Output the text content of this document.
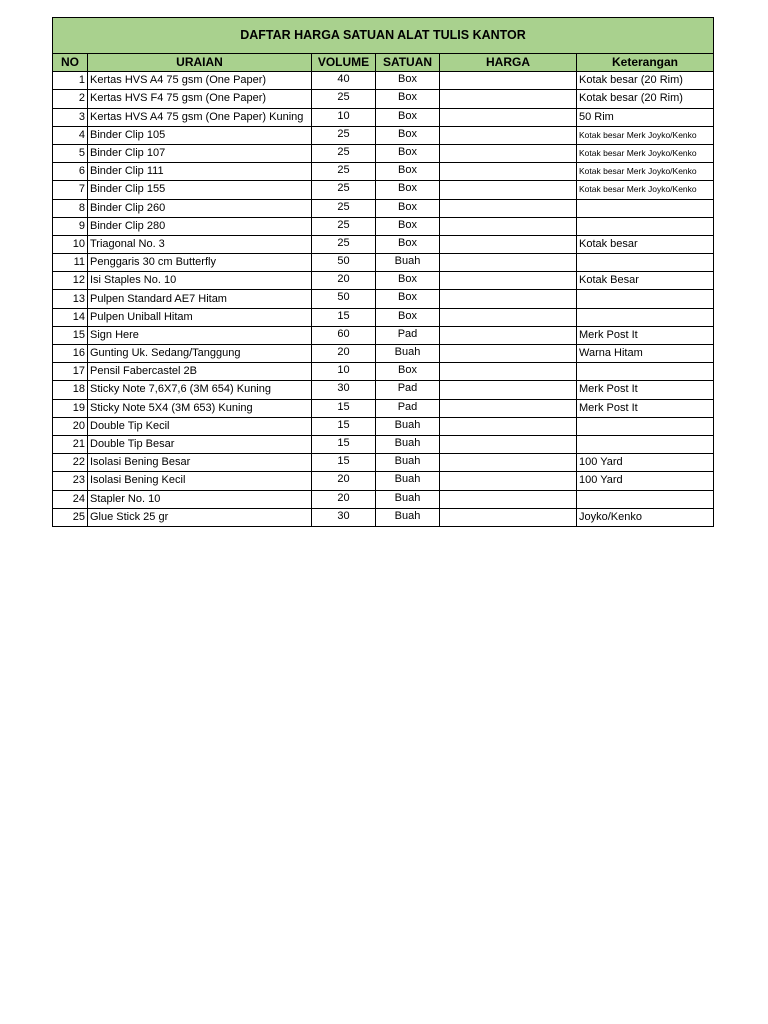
DAFTAR HARGA SATUAN ALAT TULIS KANTOR					
NO	URAIAN	VOLUME	SATUAN	HARGA	Keterangan
1	Kertas HVS A4 75 gsm (One Paper)	40	Box		Kotak besar (20 Rim)
2	Kertas HVS F4 75 gsm (One Paper)	25	Box		Kotak besar (20 Rim)
3	Kertas HVS A4 75 gsm (One Paper) Kuning	10	Box		50 Rim
4	Binder Clip 105	25	Box		Kotak besar Merk Joyko/Kenko
5	Binder Clip 107	25	Box		Kotak besar Merk Joyko/Kenko
6	Binder Clip 111	25	Box		Kotak besar Merk Joyko/Kenko
7	Binder Clip 155	25	Box		Kotak besar Merk Joyko/Kenko
8	Binder Clip 260	25	Box		
9	Binder Clip 280	25	Box		
10	Triagonal No. 3	25	Box		Kotak besar
11	Penggaris 30 cm Butterfly	50	Buah		
12	Isi Staples No. 10	20	Box		Kotak Besar
13	Pulpen Standard AE7 Hitam	50	Box		
14	Pulpen Uniball Hitam	15	Box		
15	Sign Here	60	Pad		Merk Post It
16	Gunting Uk. Sedang/Tanggung	20	Buah		Warna Hitam
17	Pensil Fabercastel 2B	10	Box		
18	Sticky Note 7,6X7,6 (3M 654) Kuning	30	Pad		Merk Post It
19	Sticky Note 5X4 (3M 653) Kuning	15	Pad		Merk Post It
20	Double Tip Kecil	15	Buah		
21	Double Tip Besar	15	Buah		
22	Isolasi Bening Besar	15	Buah		100 Yard
23	Isolasi Bening Kecil	20	Buah		100 Yard
24	Stapler No. 10	20	Buah		
25	Glue Stick 25 gr	30	Buah		Joyko/Kenko
